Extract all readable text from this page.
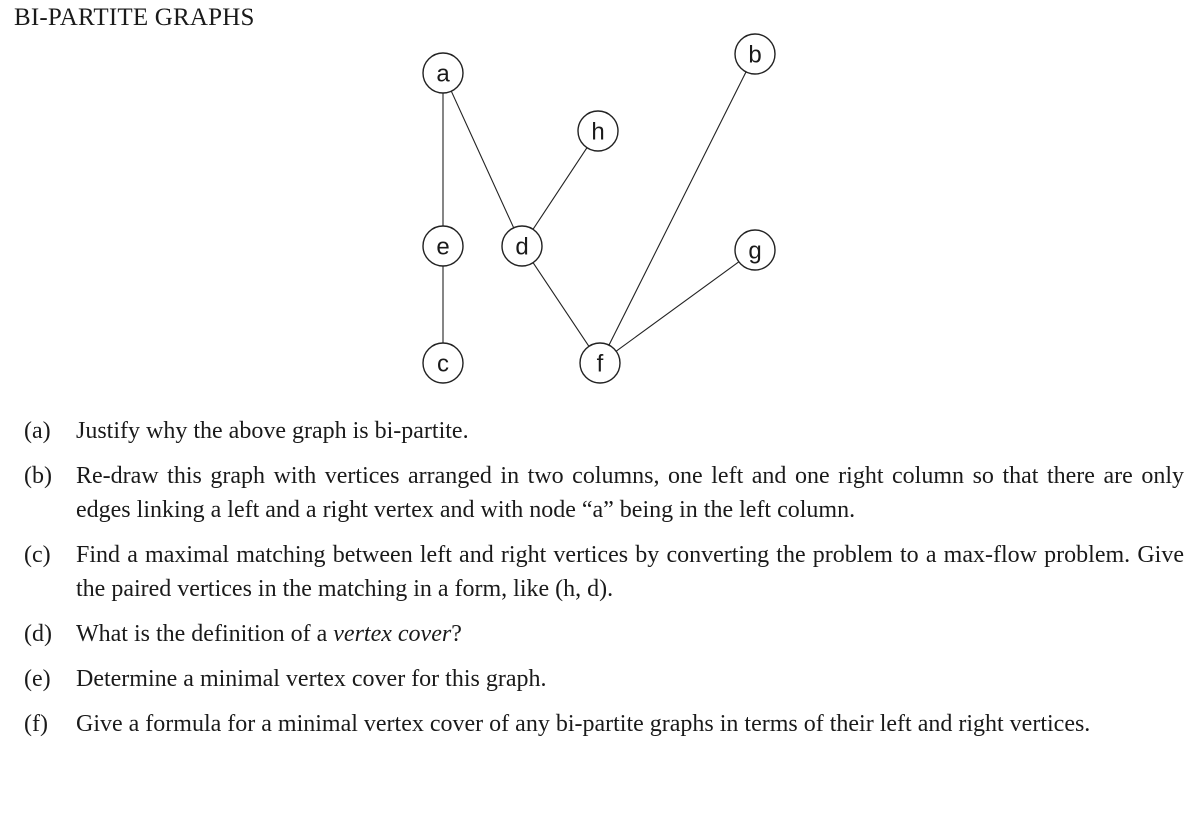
BI-PARTITE GRAPHS
a
b
h
e	d	g
c	f
(a)	Justify why the above graph is bi-partite.
(b)	Re-draw this graph with vertices arranged in two columns, one left and one right column so that there are only edges linking a left and a right vertex and with node “a” being in the left column.
(c)	Find a maximal matching between left and right vertices by converting the problem to a max-flow problem. Give the paired vertices in the matching in a form, like (h, d).
(d)	What is the definition of a vertex cover?
(e)	Determine a minimal vertex cover for this graph.
(f)	Give a formula for a minimal vertex cover of any bi-partite graphs in terms of their left and right vertices.
